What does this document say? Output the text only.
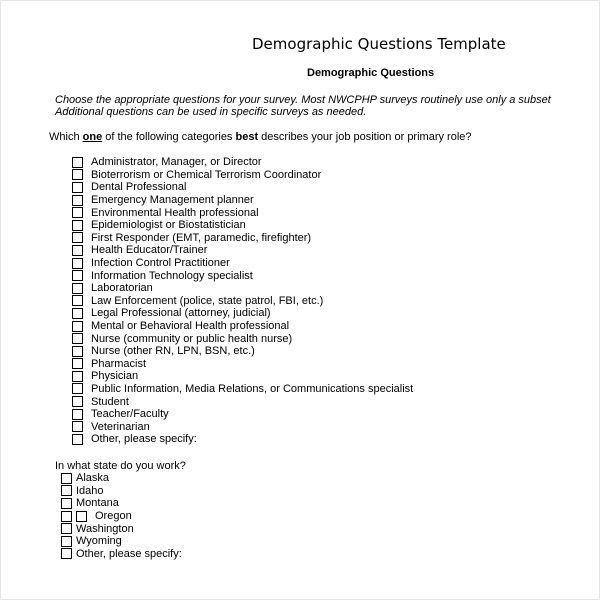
Demographic Questions Template
Demographic Questions
Choose the appropriate questions for your survey. Most NWCPHP surveys routinely use only a subset
Additional questions can be used in specific surveys as needed.
Which one of the following categories best describes your job position or primary role?
Administrator, Manager, or Director
Bioterrorism or Chemical Terrorism Coordinator
Dental Professional
Emergency Management planner
Environmental Health professional
Epidemiologist or Biostatistician
First Responder (EMT, paramedic, firefighter)
Health Educator/Trainer
Infection Control Practitioner
Information Technology specialist
Laboratorian
Law Enforcement (police, state patrol, FBI, etc.)
Legal Professional (attorney, judicial)
Mental or Behavioral Health professional
Nurse (community or public health nurse)
Nurse (other RN, LPN, BSN, etc.)
Pharmacist
Physician
Public Information, Media Relations, or Communications specialist
Student
Teacher/Faculty
Veterinarian
Other, please specify:
In what state do you work?
Alaska
Idaho
Montana
Oregon
Washington
Wyoming
Other, please specify:
